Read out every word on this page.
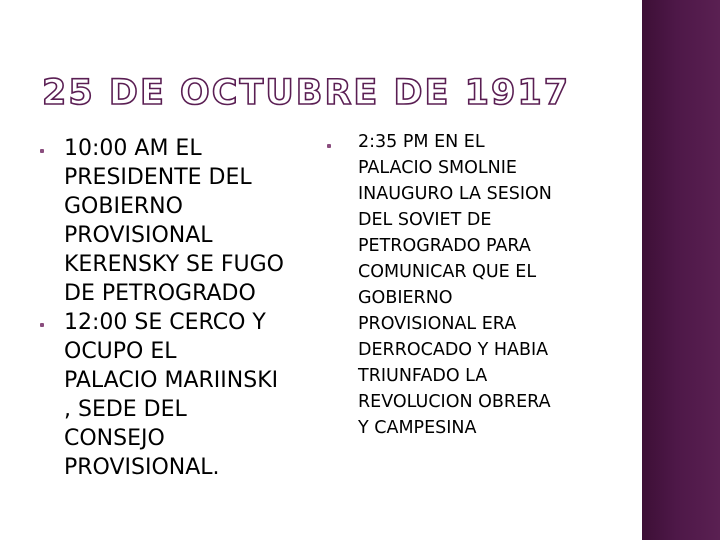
25 DE OCTUBRE DE 1917
10:00 AM EL
PRESIDENTE DEL
GOBIERNO
PROVISIONAL
KERENSKY SE FUGO
DE PETROGRADO
12:00 SE CERCO Y
OCUPO EL
PALACIO MARIINSKI
, SEDE DEL
CONSEJO
PROVISIONAL.
2:35 PM EN EL
PALACIO SMOLNIE
INAUGURO LA SESION
DEL SOVIET DE
PETROGRADO PARA
COMUNICAR QUE EL
GOBIERNO
PROVISIONAL ERA
DERROCADO Y HABIA
TRIUNFADO LA
REVOLUCION OBRERA
Y CAMPESINA
